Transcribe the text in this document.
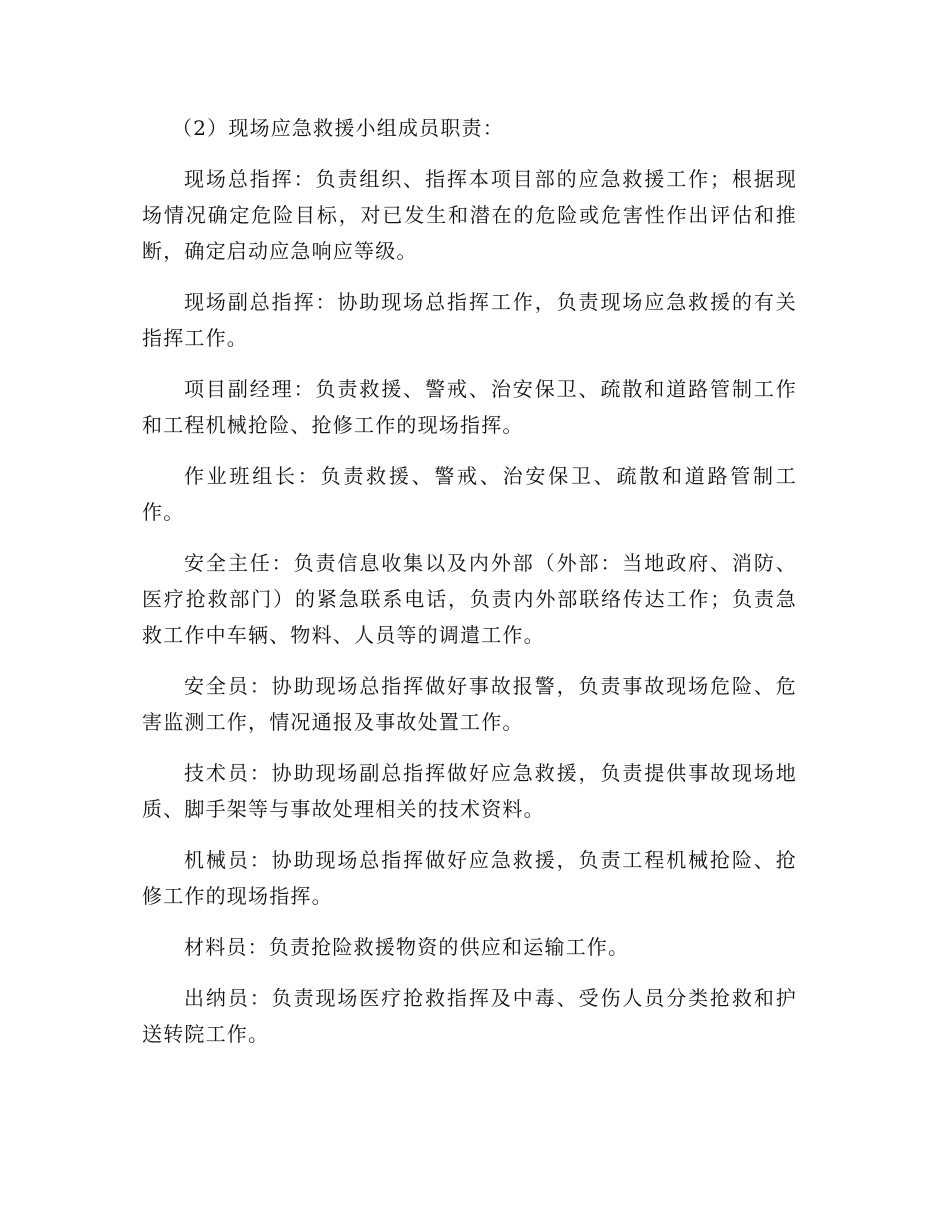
（2）现场应急救援小组成员职责：

现场总指挥：负责组织、指挥本项目部的应急救援工作；根据现场情况确定危险目标，对已发生和潜在的危险或危害性作出评估和推断，确定启动应急响应等级。

现场副总指挥：协助现场总指挥工作，负责现场应急救援的有关指挥工作。

项目副经理：负责救援、警戒、治安保卫、疏散和道路管制工作和工程机械抢险、抢修工作的现场指挥。

作业班组长：负责救援、警戒、治安保卫、疏散和道路管制工作。

安全主任：负责信息收集以及内外部（外部：当地政府、消防、医疗抢救部门）的紧急联系电话，负责内外部联络传达工作；负责急救工作中车辆、物料、人员等的调遣工作。

安全员：协助现场总指挥做好事故报警，负责事故现场危险、危害监测工作，情况通报及事故处置工作。

技术员：协助现场副总指挥做好应急救援，负责提供事故现场地质、脚手架等与事故处理相关的技术资料。

机械员：协助现场总指挥做好应急救援，负责工程机械抢险、抢修工作的现场指挥。

材料员：负责抢险救援物资的供应和运输工作。

出纳员：负责现场医疗抢救指挥及中毒、受伤人员分类抢救和护送转院工作。
